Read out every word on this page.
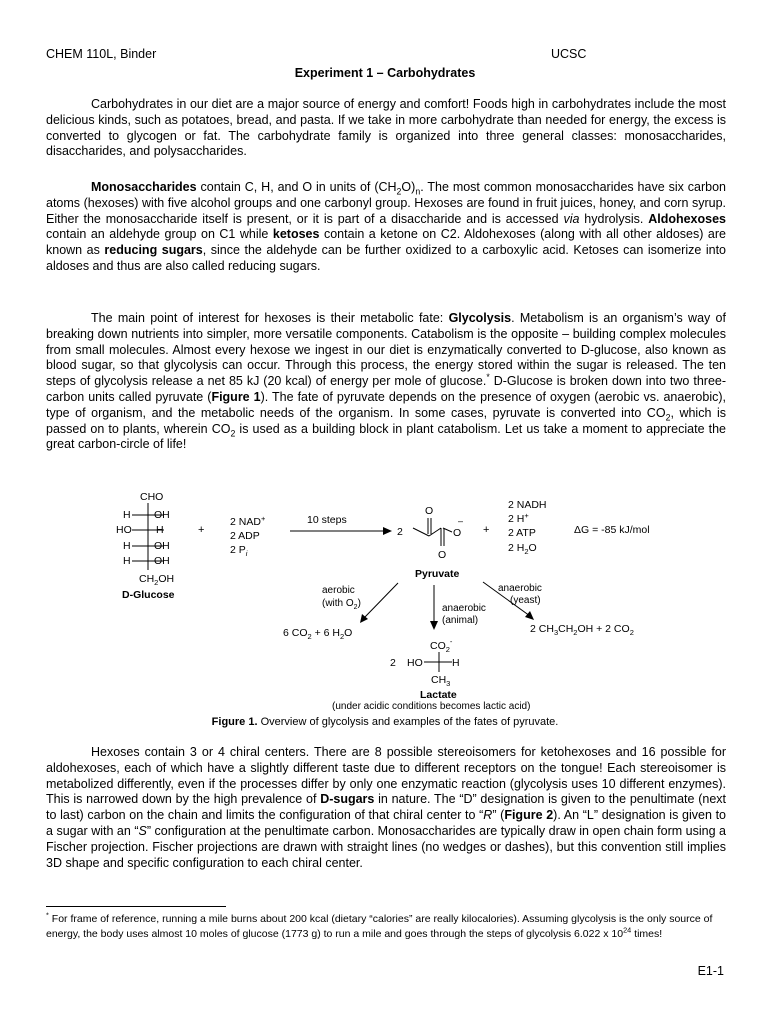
CHEM 110L, Binder	UCSC
Experiment 1 – Carbohydrates

Carbohydrates in our diet are a major source of energy and comfort! Foods high in carbohydrates include the most delicious kinds, such as potatoes, bread, and pasta. If we take in more carbohydrate than needed for energy, the excess is converted to glycogen or fat. The carbohydrate family is organized into three general classes: monosaccharides, disaccharides, and polysaccharides.

Monosaccharides contain C, H, and O in units of $(CH_2O)_n$. The most common monosaccharides have six carbon atoms (hexoses) with five alcohol groups and one carbonyl group. Hexoses are found in fruit juices, honey, and corn syrup. Either the monosaccharide itself is present, or it is part of a disaccharide and is accessed via hydrolysis. Aldohexoses contain an aldehyde group on C1 while ketoses contain a ketone on C2. Aldohexoses (along with all other aldoses) are known as reducing sugars, since the aldehyde can be further oxidized to a carboxylic acid. Ketoses can isomerize into aldoses and thus are also called reducing sugars.

The main point of interest for hexoses is their metabolic fate: Glycolysis. Metabolism is an organism’s way of breaking down nutrients into simpler, more versatile components. Catabolism is the opposite – building complex molecules from small molecules. Almost every hexose we ingest in our diet is enzymatically converted to D-glucose, also known as blood sugar, so that glycolysis can occur. Through this process, the energy stored within the sugar is released. The ten steps of glycolysis release a net 85 kJ (20 kcal) of energy per mole of glucose.* D-Glucose is broken down into two three-carbon units called pyruvate (Figure 1). The fate of pyruvate depends on the presence of oxygen (aerobic vs. anaerobic), type of organism, and the metabolic needs of the organism. In some cases, pyruvate is converted into $CO_2$, which is passed on to plants, wherein $CO_2$ is used as a building block in plant catabolism. Let us take a moment to appreciate the great carbon-circle of life!

CHO
H OH
HO H
H OH
H OH
$CH_2OH$
D-Glucose
+
2 NAD+
2 ADP
2 $P_i$
10 steps
2
O
O
–
O
Pyruvate
+
2 NADH
2 H+
2 ATP
2 $H_2O$
ΔG = -85 kJ/mol
aerobic
(with $O_2$)
6 $CO_2 + 6$ $H_2O$
anaerobic
(animal)
anaerobic
(yeast)
2 $CH_3CH_2OH + 2$ $CO_2$
$CO_2^-$
2 HO	H
$CH_3$
Lactate
(under acidic conditions becomes lactic acid)
Figure 1. Overview of glycolysis and examples of the fates of pyruvate.

Hexoses contain 3 or 4 chiral centers. There are 8 possible stereoisomers for ketohexoses and 16 possible for aldohexoses, each of which have a slightly different taste due to different receptors on the tongue! Each stereoisomer is metabolized differently, even if the processes differ by only one enzymatic reaction (glycolysis uses 10 different enzymes). This is narrowed down by the high prevalence of D-sugars in nature. The “D” designation is given to the penultimate (next to last) carbon on the chain and limits the configuration of that chiral center to “R” (Figure 2). An “L” designation is given to a sugar with an “S” configuration at the penultimate carbon. Monosaccharides are typically draw in open chain form using a Fischer projection. Fischer projections are drawn with straight lines (no wedges or dashes), but this convention still implies 3D shape and specific configuration to each chiral center.

* For frame of reference, running a mile burns about 200 kcal (dietary “calories” are really kilocalories). Assuming glycolysis is the only source of energy, the body uses almost 10 moles of glucose (1773 g) to run a mile and goes through the steps of glycolysis 6.022 x $10^{24}$ times!

E1-1
